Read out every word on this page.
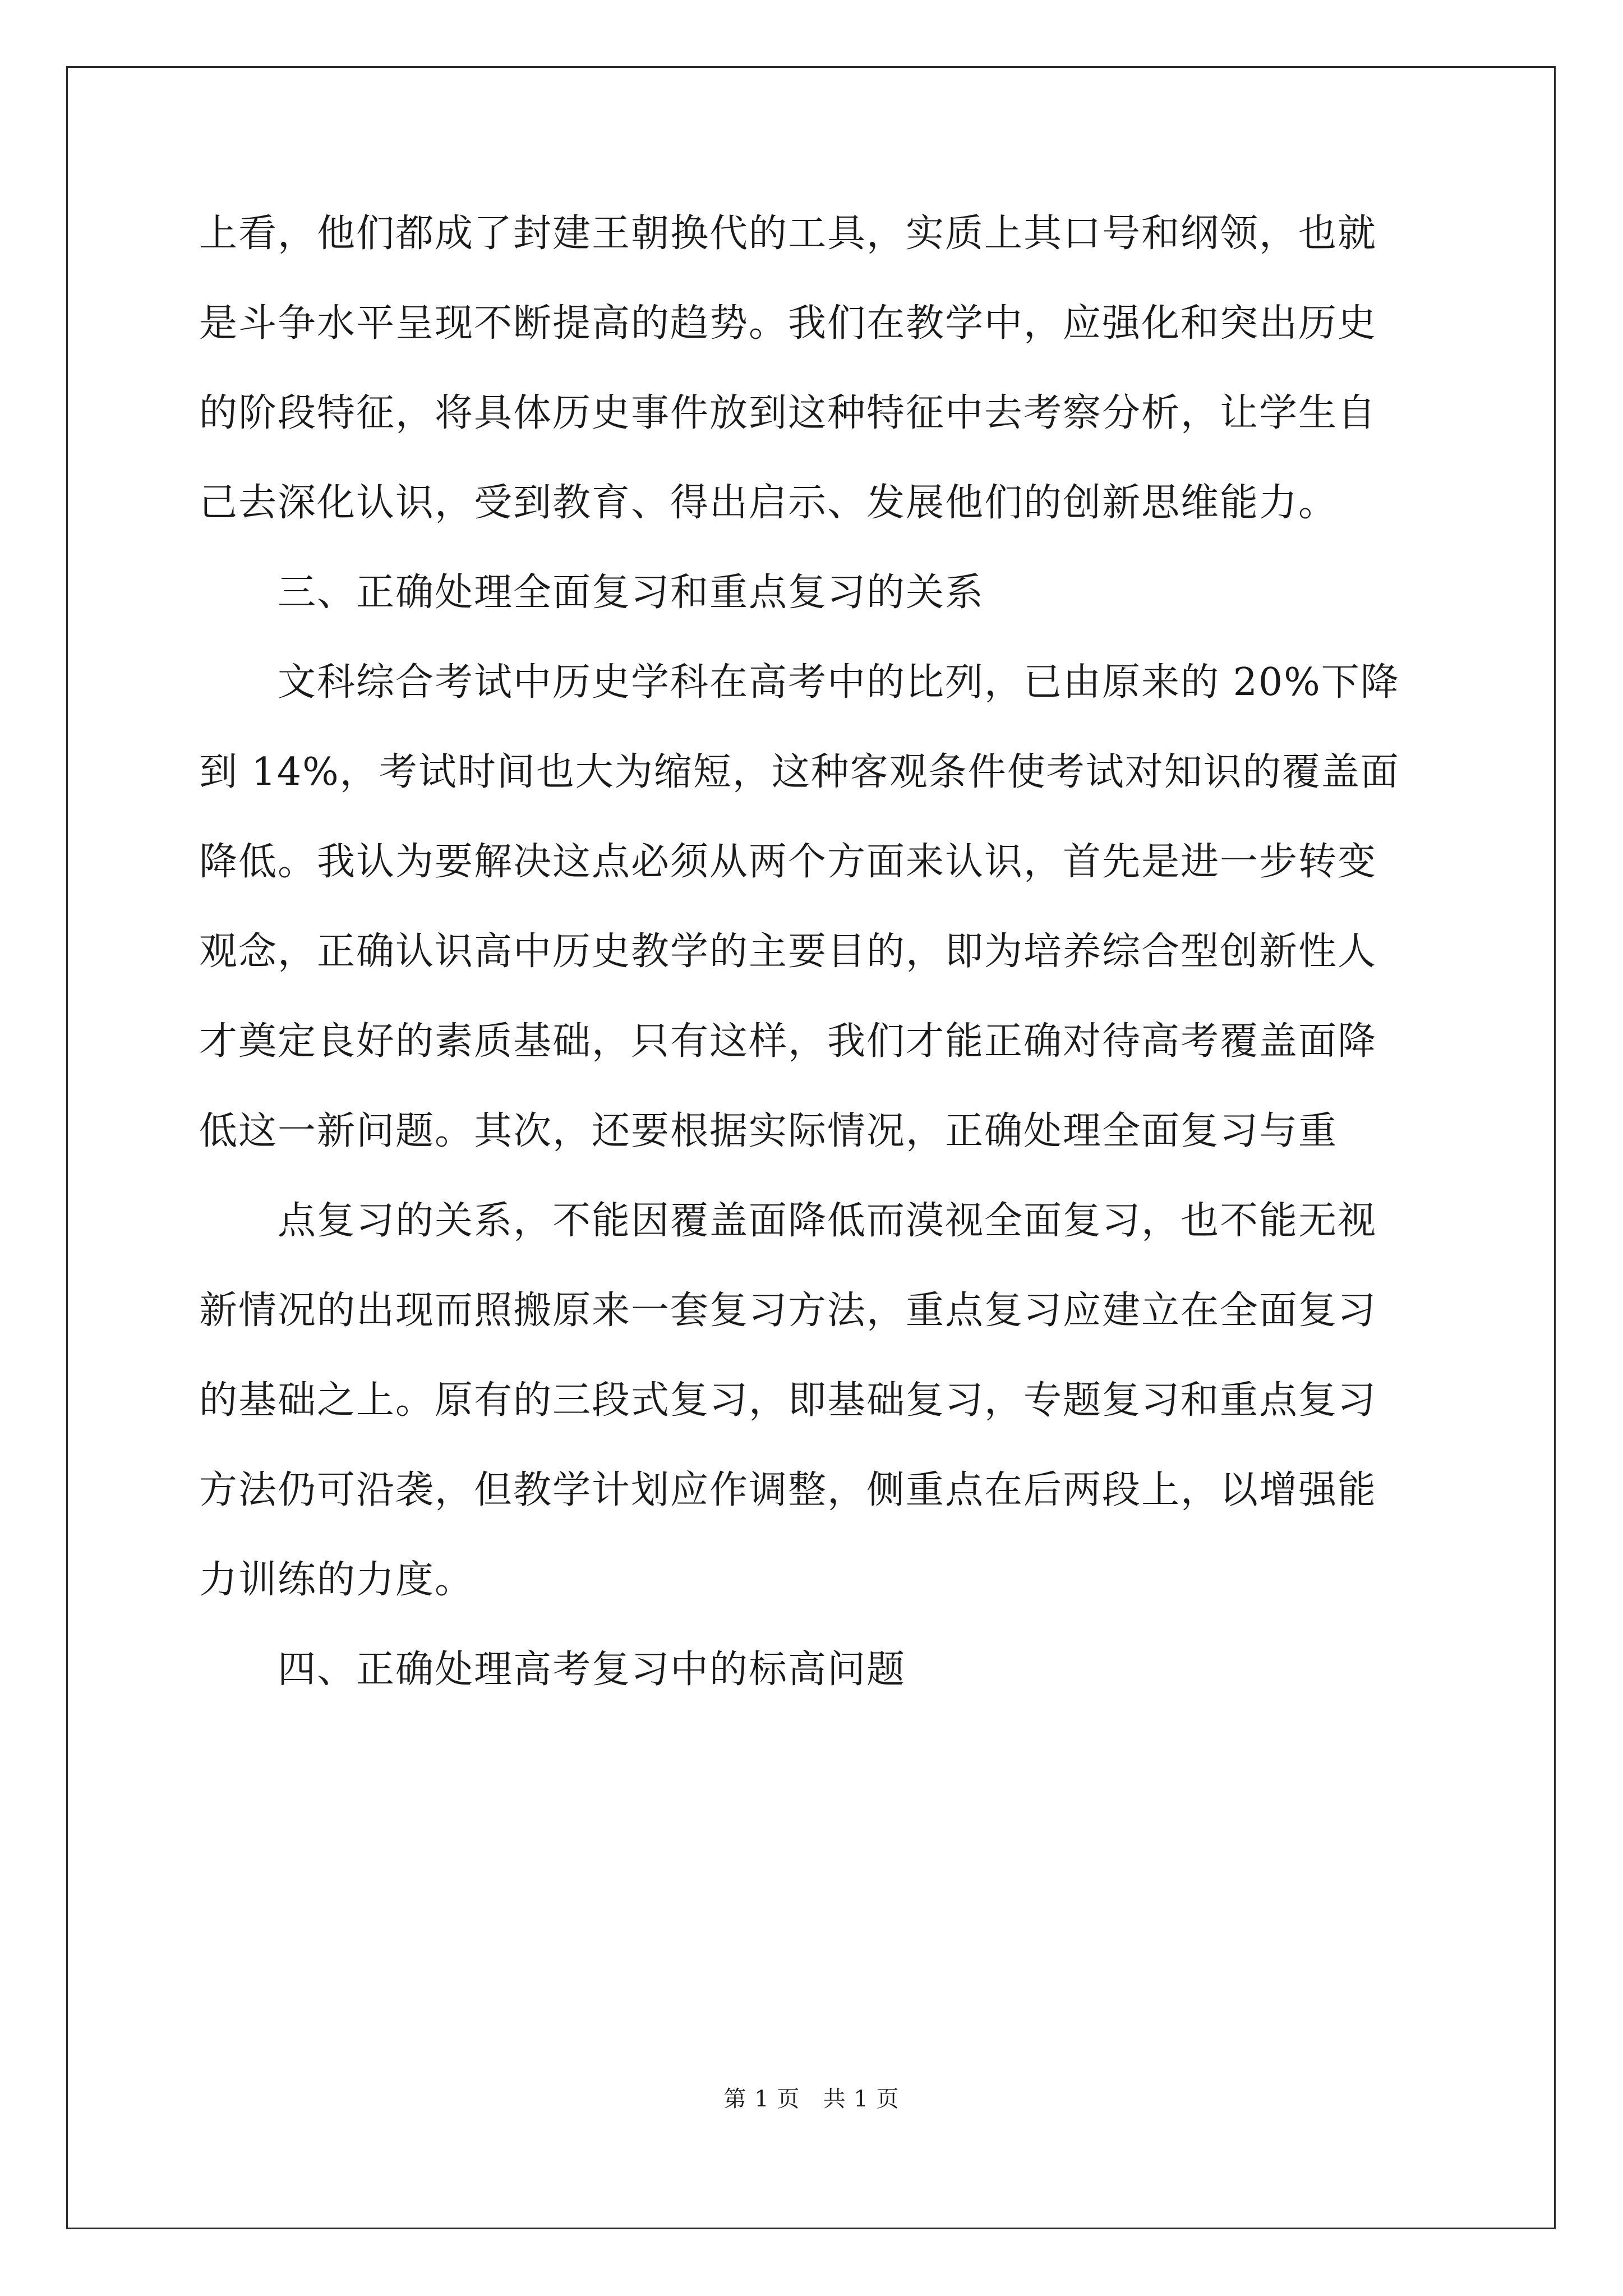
上看，他们都成了封建王朝换代的工具，实质上其口号和纲领，也就
是斗争水平呈现不断提高的趋势。我们在教学中，应强化和突出历史
的阶段特征，将具体历史事件放到这种特征中去考察分析，让学生自
己去深化认识，受到教育、得出启示、发展他们的创新思维能力。
三、正确处理全面复习和重点复习的关系
文科综合考试中历史学科在高考中的比列，已由原来的 20%下降
到 14%，考试时间也大为缩短，这种客观条件使考试对知识的覆盖面
降低。我认为要解决这点必须从两个方面来认识，首先是进一步转变
观念，正确认识高中历史教学的主要目的，即为培养综合型创新性人
才奠定良好的素质基础，只有这样，我们才能正确对待高考覆盖面降
低这一新问题。其次，还要根据实际情况，正确处理全面复习与重
点复习的关系，不能因覆盖面降低而漠视全面复习，也不能无视
新情况的出现而照搬原来一套复习方法，重点复习应建立在全面复习
的基础之上。原有的三段式复习，即基础复习，专题复习和重点复习
方法仍可沿袭，但教学计划应作调整，侧重点在后两段上，以增强能
力训练的力度。
四、正确处理高考复习中的标高问题
第 1 页   共 1 页
